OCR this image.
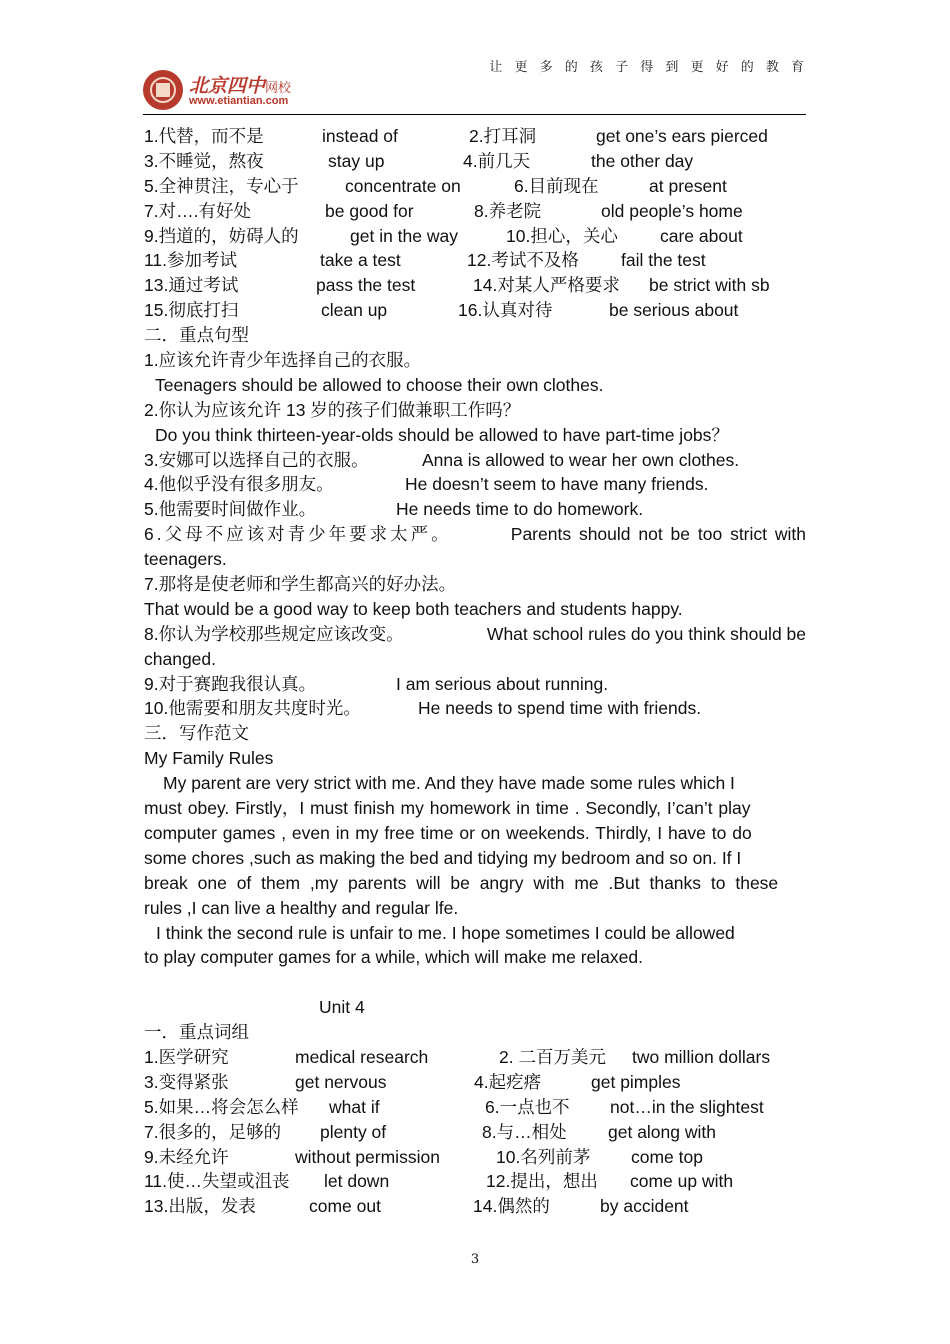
让 更 多 的 孩 子 得 到 更 好 的 教 育
北京四中网校
www.etiantian.com
1.代替，而不是	instead of	2.打耳洞	get one’s ears pierced
3.不睡觉，熬夜	stay up	4.前几天	the other day
5.全神贯注，专心于	concentrate on	6.目前现在	at present
7.对….有好处	be good for	8.养老院	old people’s home
9.挡道的，妨碍人的	get in the way	10.担心，关心	care about
11.参加考试	take a test	12.考试不及格	fail the test
13.通过考试	pass the test	14.对某人严格要求	be strict with sb
15.彻底打扫	clean up	16.认真对待	be serious about
二．重点句型
1.应该允许青少年选择自己的衣服。
Teenagers should be allowed to choose their own clothes.
2.你认为应该允许 13 岁的孩子们做兼职工作吗？
Do you think thirteen-year-olds should be allowed to have part-time jobs？
3.安娜可以选择自己的衣服。	Anna is allowed to wear her own clothes.
4.他似乎没有很多朋友。	He doesn’t seem to have many friends.
5.他需要时间做作业。	He needs time to do homework.
6.父母不应该对青少年要求太严。	Parents should not be too strict with
teenagers.
7.那将是使老师和学生都高兴的好办法。
That would be a good way to keep both teachers and students happy.
8.你认为学校那些规定应该改变。	What school rules do you think should be
changed.
9.对于赛跑我很认真。	I am serious about running.
10.他需要和朋友共度时光。	He needs to spend time with friends.
三．写作范文
My Family Rules
My parent are very strict with me. And they have made some rules which I
must obey. Firstly，I must finish my homework in time . Secondly, I’can’t play
computer games , even in my free time or on weekends. Thirdly, I have to do
some chores ,such as making the bed and tidying my bedroom and so on. If I
break one of them ,my parents will be angry with me .But thanks to these
rules ,I can live a healthy and regular lfe.
I think the second rule is unfair to me. I hope sometimes I could be allowed
to play computer games for a while, which will make me relaxed.
Unit 4
一．重点词组
1.医学研究	medical research	2. 二百万美元	two million dollars
3.变得紧张	get nervous	4.起疙瘩	get pimples
5.如果…将会怎么样	what if	6.一点也不	not…in the slightest
7.很多的，足够的	plenty of	8.与…相处	get along with
9.未经允许	without permission	10.名列前茅	come top
11.使…失望或沮丧	let down	12.提出，想出	come up with
13.出版，发表	come out	14.偶然的	by accident
3
